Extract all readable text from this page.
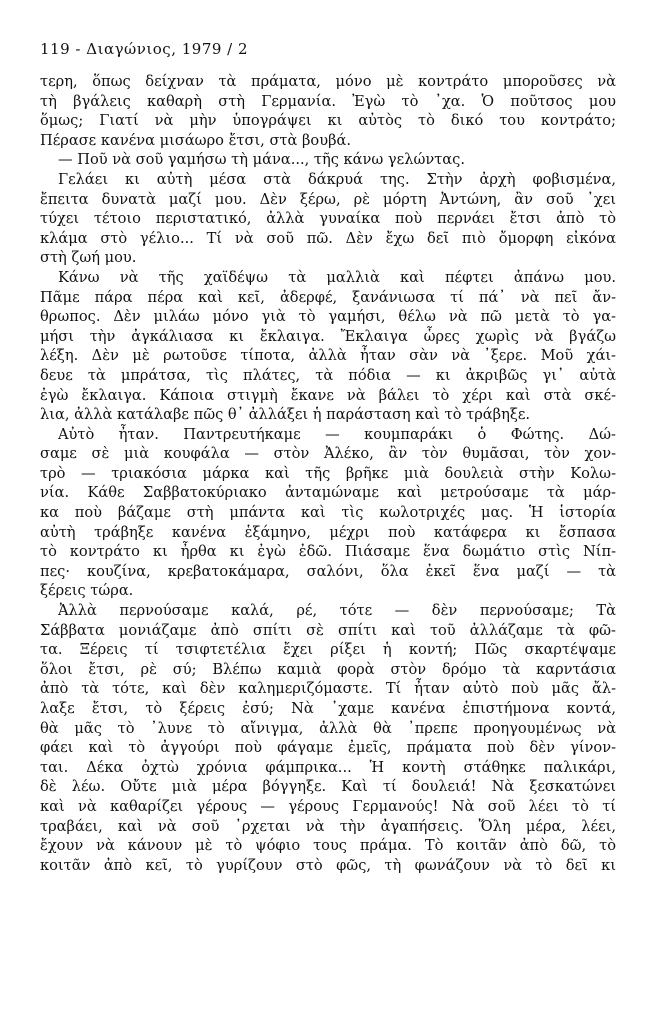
119 - Διαγώνιος, 1979 / 2
τερη, ὅπως δείχναν τὰ πράματα, μόνο μὲ κοντράτο μποροῦσες νὰ
τὴ βγάλεις καθαρὴ στὴ Γερμανία. Ἐγὼ τὸ ᾽χα. Ὁ ποῦτσος μου
ὅμως; Γιατί νὰ μὴν ὑπογράψει κι αὐτὸς τὸ δικό του κοντράτο;
Πέρασε κανένα μισάωρο ἔτσι, στὰ βουβά.
— Ποῦ νὰ σοῦ γαμήσω τὴ μάνα..., τῆς κάνω γελώντας.
Γελάει κι αὐτὴ μέσα στὰ δάκρυά της. Στὴν ἀρχὴ φοβισμένα,
ἔπειτα δυνατὰ μαζί μου. Δὲν ξέρω, ρὲ μόρτη Ἀντώνη, ἂν σοῦ ᾽χει
τύχει τέτοιο περιστατικό, ἀλλὰ γυναίκα ποὺ περνάει ἔτσι ἀπὸ τὸ
κλάμα στὸ γέλιο... Τί νὰ σοῦ πῶ. Δὲν ἔχω δεῖ πιὸ ὄμορφη εἰκόνα
στὴ ζωή μου.
Κάνω νὰ τῆς χαϊδέψω τὰ μαλλιὰ καὶ πέφτει ἀπάνω μου.
Πᾶμε πάρα πέρα καὶ κεῖ, ἀδερφέ, ξανάνιωσα τί πά᾽ νὰ πεῖ ἄν-
θρωπος. Δὲν μιλάω μόνο γιὰ τὸ γαμήσι, θέλω νὰ πῶ μετὰ τὸ γα-
μήσι τὴν ἀγκάλιασα κι ἔκλαιγα. Ἔκλαιγα ὧρες χωρὶς νὰ βγάζω
λέξη. Δὲν μὲ ρωτοῦσε τίποτα, ἀλλὰ ἦταν σὰν νὰ ᾽ξερε. Μοῦ χάι-
δευε τὰ μπράτσα, τὶς πλάτες, τὰ πόδια — κι ἀκριβῶς γι᾽ αὐτὰ
ἐγὼ ἔκλαιγα. Κάποια στιγμὴ ἔκανε νὰ βάλει τὸ χέρι καὶ στὰ σκέ-
λια, ἀλλὰ κατάλαβε πῶς θ᾽ ἀλλάξει ἡ παράσταση καὶ τὸ τράβηξε.
Αὐτὸ ἦταν. Παντρευτήκαμε — κουμπαράκι ὁ Φώτης. Δώ-
σαμε σὲ μιὰ κουφάλα — στὸν Ἀλέκο, ἂν τὸν θυμᾶσαι, τὸν χον-
τρὸ — τριακόσια μάρκα καὶ τῆς βρῆκε μιὰ δουλειὰ στὴν Κολω-
νία. Κάθε Σαββατοκύριακο ἀνταμώναμε καὶ μετρούσαμε τὰ μάρ-
κα ποὺ βάζαμε στὴ μπάντα καὶ τὶς κωλοτριχές μας. Ἡ ἱστορία
αὐτὴ τράβηξε κανένα ἑξάμηνο, μέχρι ποὺ κατάφερα κι ἔσπασα
τὸ κοντράτο κι ἦρθα κι ἐγὼ ἐδῶ. Πιάσαμε ἕνα δωμάτιο στὶς Νίπ-
πες· κουζίνα, κρεβατοκάμαρα, σαλόνι, ὅλα ἐκεῖ ἕνα μαζί — τὰ
ξέρεις τώρα.
Ἀλλὰ περνούσαμε καλά, ρέ, τότε — δὲν περνούσαμε; Τὰ
Σάββατα μονιάζαμε ἀπὸ σπίτι σὲ σπίτι καὶ τοῦ ἀλλάζαμε τὰ φῶ-
τα. Ξέρεις τί τσιφτετέλια ἔχει ρίξει ἡ κοντή; Πῶς σκαρτέψαμε
ὅλοι ἔτσι, ρὲ σύ; Βλέπω καμιὰ φορὰ στὸν δρόμο τὰ καρντάσια
ἀπὸ τὰ τότε, καὶ δὲν καλημεριζόμαστε. Τί ἦταν αὐτὸ ποὺ μᾶς ἄλ-
λαξε ἔτσι, τὸ ξέρεις ἐσύ; Νὰ ᾽χαμε κανένα ἐπιστήμονα κοντά,
θὰ μᾶς τὸ ᾽λυνε τὸ αἴνιγμα, ἀλλὰ θὰ ᾽πρεπε προηγουμένως νὰ
φάει καὶ τὸ ἀγγούρι ποὺ φάγαμε ἐμεῖς, πράματα ποὺ δὲν γίνον-
ται. Δέκα ὀχτὼ χρόνια φάμπρικα... Ἡ κοντὴ στάθηκε παλικάρι,
δὲ λέω. Οὔτε μιὰ μέρα βόγγηξε. Καὶ τί δουλειά! Νὰ ξεσκατώνει
καὶ νὰ καθαρίζει γέρους — γέρους Γερμανούς! Νὰ σοῦ λέει τὸ τί
τραβάει, καὶ νὰ σοῦ ᾽ρχεται νὰ τὴν ἀγαπήσεις. Ὅλη μέρα, λέει,
ἔχουν νὰ κάνουν μὲ τὸ ψόφιο τους πράμα. Τὸ κοιτᾶν ἀπὸ δῶ, τὸ
κοιτᾶν ἀπὸ κεῖ, τὸ γυρίζουν στὸ φῶς, τὴ φωνάζουν νὰ τὸ δεῖ κι
